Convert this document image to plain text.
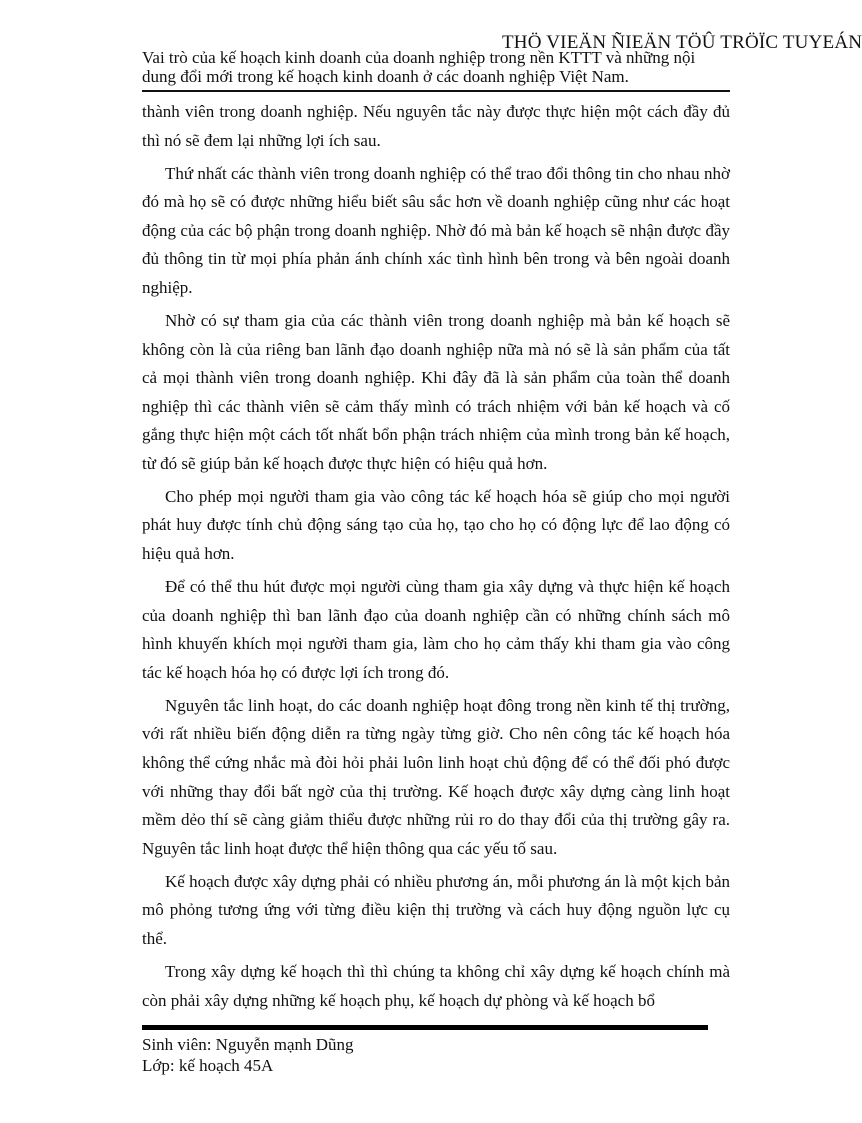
THÖ VIEÄN ÑIEÄN TÖÛ TRÖÏC TUYEÁN
Vai trò của kế hoạch kinh doanh của doanh nghiệp trong nền KTTT và những nội
dung đổi mới trong kế hoạch kinh doanh ở các doanh nghiệp Việt Nam.

thành viên trong doanh nghiệp. Nếu nguyên tắc này được thực hiện một cách đầy đủ thì nó sẽ đem lại những lợi ích sau.

Thứ nhất các thành viên trong doanh nghiệp có thể trao đổi thông tin cho nhau nhờ đó mà họ sẽ có được những hiểu biết sâu sắc hơn về doanh nghiệp cũng như các hoạt động của các bộ phận trong doanh nghiệp. Nhờ đó mà bản kế hoạch sẽ nhận được đầy đủ thông tin từ mọi phía phản ánh chính xác tình hình bên trong và bên ngoài doanh nghiệp.

Nhờ có sự tham gia của các thành viên trong doanh nghiệp mà bản kế hoạch sẽ không còn là của riêng ban lãnh đạo doanh nghiệp nữa mà nó sẽ là sản phẩm của tất cả mọi thành viên trong doanh nghiệp. Khi đây đã là sản phẩm của toàn thể doanh nghiệp thì các thành viên sẽ cảm thấy mình có trách nhiệm với bản kế hoạch và cố gắng thực hiện một cách tốt nhất bổn phận trách nhiệm của mình trong bản kế hoạch, từ đó sẽ giúp bản kế hoạch được thực hiện có hiệu quả hơn.

Cho phép mọi người tham gia vào công tác kế hoạch hóa sẽ giúp cho mọi người phát huy được tính chủ động sáng tạo của họ, tạo cho họ có động lực để lao động có hiệu quả hơn.

Để có thể thu hút được mọi người cùng tham gia xây dựng và thực hiện kế hoạch của doanh nghiệp thì ban lãnh đạo của doanh nghiệp cần có những chính sách mô hình khuyến khích mọi người tham gia, làm cho họ cảm thấy khi tham gia vào công tác kế hoạch hóa họ có được lợi ích trong đó.

Nguyên tắc linh hoạt, do các doanh nghiệp hoạt đông trong nền kinh tế thị trường, với rất nhiều biến động diễn ra từng ngày từng giờ. Cho nên công tác kế hoạch hóa không thể cứng nhắc mà đòi hỏi phải luôn linh hoạt chủ động để có thể đối phó được với những thay đổi bất ngờ của thị trường. Kế hoạch được xây dựng càng linh hoạt mềm dẻo thí sẽ càng giảm thiểu được những rủi ro do thay đổi của thị trường gây ra. Nguyên tắc linh hoạt được thể hiện thông qua các yếu tố sau.

Kế hoạch được xây dựng phải có nhiều phương án, mỗi phương án là một kịch bản mô phỏng tương ứng với từng điều kiện thị trường và cách huy động nguồn lực cụ thể.

Trong xây dựng kế hoạch thì thì chúng ta không chỉ xây dựng kế hoạch chính mà còn phải xây dựng những kế hoạch phụ, kế hoạch dự phòng và kế hoạch bổ

Sinh viên: Nguyễn mạnh Dũng
Lớp: kế hoạch 45A
